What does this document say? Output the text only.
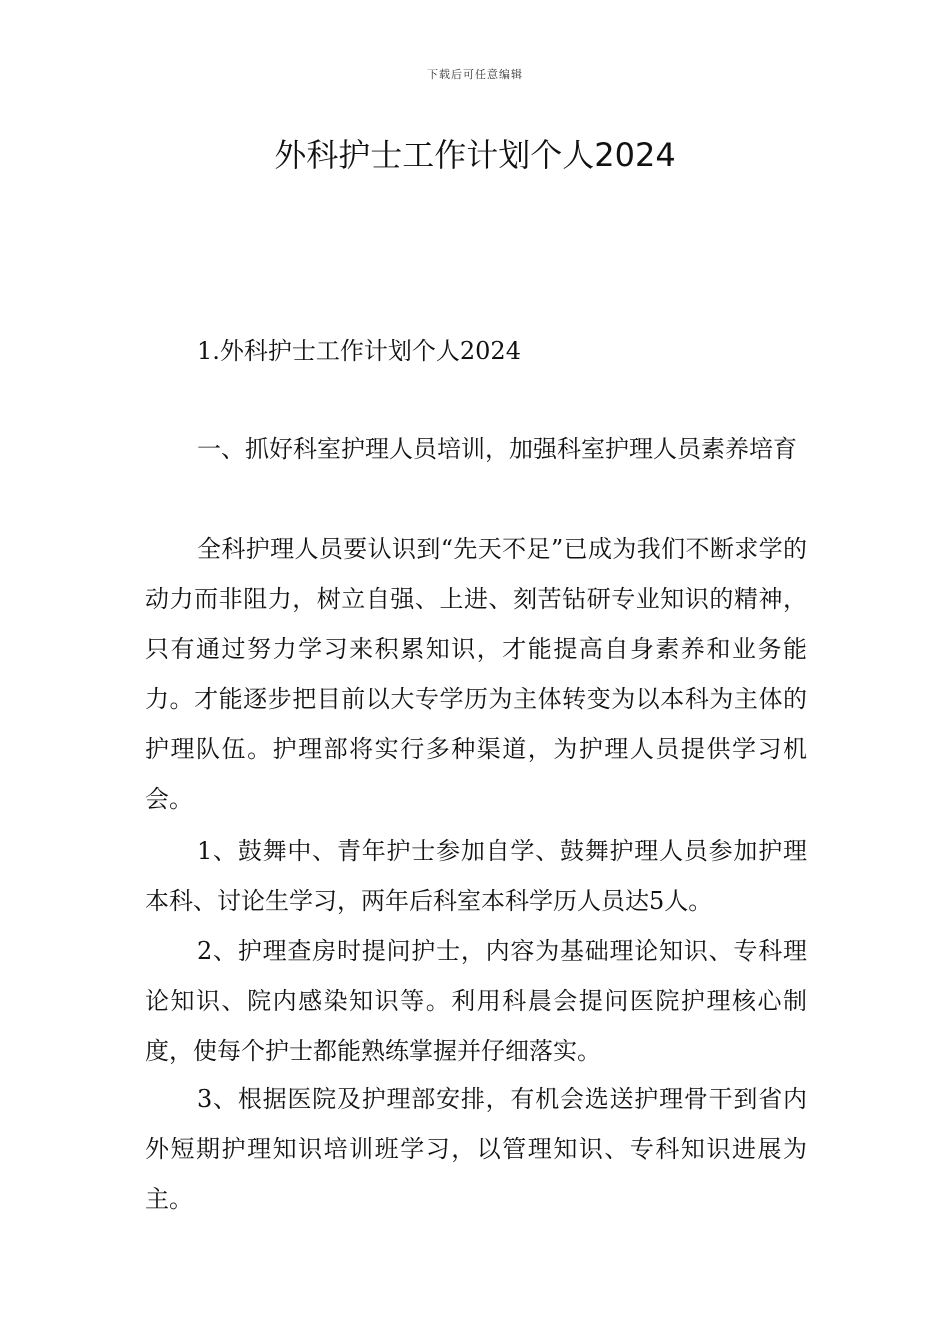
下载后可任意编辑
外科护士工作计划个人2024

1.外科护士工作计划个人2024

一、抓好科室护理人员培训，加强科室护理人员素养培育

全科护理人员要认识到“先天不足”已成为我们不断求学的动力而非阻力，树立自强、上进、刻苦钻研专业知识的精神，只有通过努力学习来积累知识，才能提高自身素养和业务能力。才能逐步把目前以大专学历为主体转变为以本科为主体的护理队伍。护理部将实行多种渠道，为护理人员提供学习机会。

1、鼓舞中、青年护士参加自学、鼓舞护理人员参加护理本科、讨论生学习，两年后科室本科学历人员达5人。

2、护理查房时提问护士，内容为基础理论知识、专科理论知识、院内感染知识等。利用科晨会提问医院护理核心制度，使每个护士都能熟练掌握并仔细落实。

3、根据医院及护理部安排，有机会选送护理骨干到省内外短期护理知识培训班学习，以管理知识、专科知识进展为主。
